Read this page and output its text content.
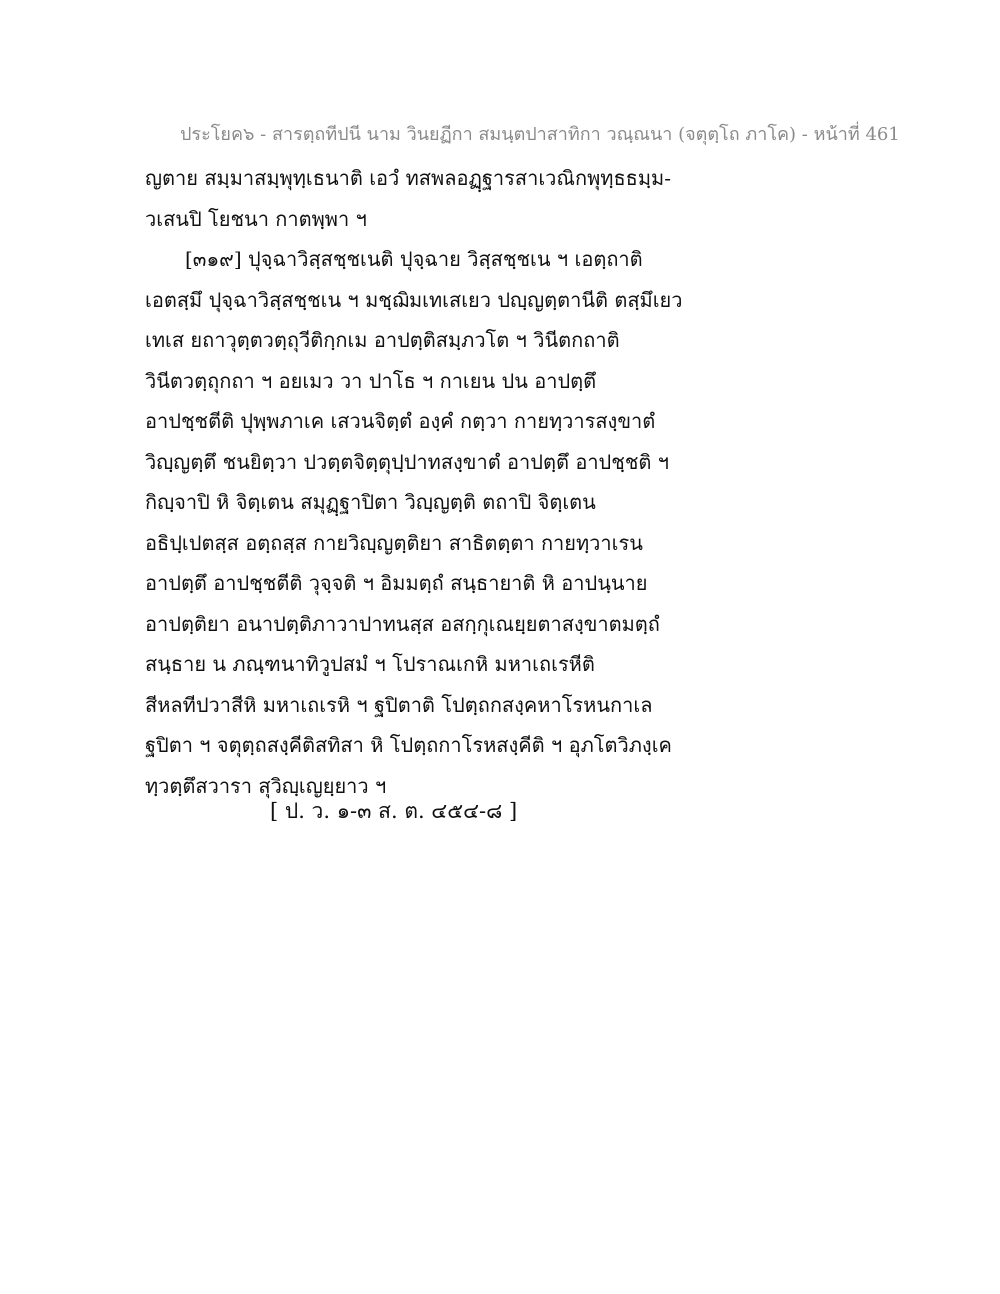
ประโยค๖ - สารตฺถทีปนี นาม วินยฏีกา สมนฺตปาสาทิกา วณฺณนา (จตุตฺโถ ภาโค) - หน้าที่ 461
ญตาย สมฺมาสมฺพุทฺเธนาติ เอวํ ทสพลอฏฺฐารสาเวณิกพุทฺธธมฺม-
วเสนปิ โยชนา กาตพฺพา ฯ
[๓๑๙] ปุจฺฉาวิสฺสชฺชเนติ ปุจฺฉาย วิสฺสชฺชเน ฯ เอตฺถาติ
เอตสฺมึ ปุจฺฉาวิสฺสชฺชเน ฯ มชฺฌิมเทเสเยว ปญฺญตฺตานีติ ตสฺมึเยว
เทเส ยถาวุตฺตวตฺถุวีติกฺกเม อาปตฺติสมฺภวโต ฯ วินีตกถาติ
วินีตวตฺถุกถา ฯ อยเมว วา ปาโธ ฯ กาเยน ปน อาปตฺตึ
อาปชฺชตีติ ปุพฺพภาเค เสวนจิตฺตํ องฺคํ กตฺวา กายทฺวารสงฺขาตํ
วิญฺญตฺตึ ชนยิตฺวา ปวตฺตจิตฺตุปฺปาทสงฺขาตํ อาปตฺตึ อาปชฺชติ ฯ
กิญฺจาปิ หิ จิตฺเตน สมุฏฺฐาปิตา วิญฺญตฺติ ตถาปิ จิตฺเตน
อธิปฺเปตสฺส อตฺถสฺส กายวิญฺญตฺติยา สาธิตตฺตา กายทฺวาเรน
อาปตฺตึ อาปชฺชตีติ วุจฺจติ ฯ อิมมตฺถํ สนฺธายาติ หิ อาปนฺนาย
อาปตฺติยา อนาปตฺติภาวาปาทนสฺส อสกฺกุเณยฺยตาสงฺขาตมตฺถํ
สนฺธาย น ภณฺฑนาทิวูปสมํ ฯ โปราณเกหิ มหาเถเรหีติ
สีหลทีปวาสีหิ มหาเถเรหิ ฯ ฐปิตาติ โปตฺถกสงฺคหาโรหนกาเล
ฐปิตา ฯ จตุตฺถสงฺคีติสทิสา หิ โปตฺถกาโรหสงฺคีติ ฯ อุภโตวิภงฺเค
ทฺวตฺตึสวารา สุวิญฺเญยฺยาว ฯ
[ ป. ว. ๑-๓ ส. ต. ๔๕๔-๘ ]
